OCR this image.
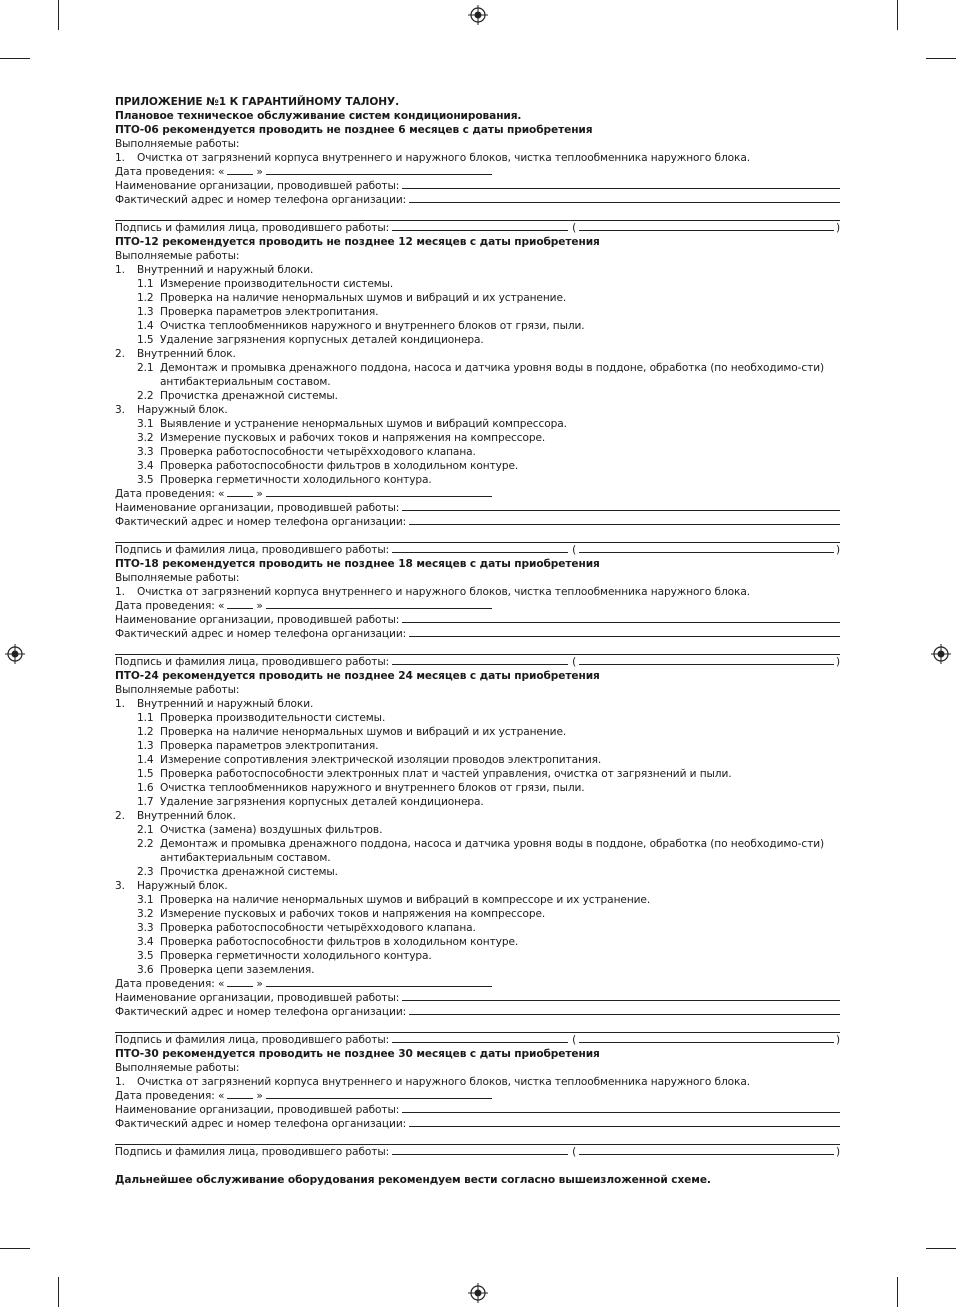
ПРИЛОЖЕНИЕ №1 К ГАРАНТИЙНОМУ ТАЛОНУ.
Плановое техническое обслуживание систем кондиционирования.
ПТО-06 рекомендуется проводить не позднее 6 месяцев с даты приобретения
Выполняемые работы:
1.	Очистка от загрязнений корпуса внутреннего и наружного блоков, чистка теплообменника наружного блока.
Дата проведения: «	»
Наименование организации, проводившей работы:
Фактический адрес и номер телефона организации:
Подпись и фамилия лица, проводившего работы:	(	)
ПТО-12 рекомендуется проводить не позднее 12 месяцев с даты приобретения
Выполняемые работы:
1.	Внутренний и наружный блоки.
1.1 Измерение производительности системы.
1.2 Проверка на наличие ненормальных шумов и вибраций и их устранение.
1.3 Проверка параметров электропитания.
1.4 Очистка теплообменников наружного и внутреннего блоков от грязи, пыли.
1.5 Удаление загрязнения корпусных деталей кондиционера.
2.	Внутренний блок.
2.1 Демонтаж и промывка дренажного поддона, насоса и датчика уровня воды в поддоне, обработка (по необходимо-сти) антибактериальным составом.
2.2 Прочистка дренажной системы.
3.	Наружный блок.
3.1 Выявление и устранение ненормальных шумов и вибраций компрессора.
3.2 Измерение пусковых и рабочих токов и напряжения на компрессоре.
3.3 Проверка работоспособности четырёхходового клапана.
3.4 Проверка работоспособности фильтров в холодильном контуре.
3.5 Проверка герметичности холодильного контура.
Дата проведения: «	»
Наименование организации, проводившей работы:
Фактический адрес и номер телефона организации:
Подпись и фамилия лица, проводившего работы:	(	)
ПТО-18 рекомендуется проводить не позднее 18 месяцев с даты приобретения
Выполняемые работы:
1.	Очистка от загрязнений корпуса внутреннего и наружного блоков, чистка теплообменника наружного блока.
Дата проведения: «	»
Наименование организации, проводившей работы:
Фактический адрес и номер телефона организации:
Подпись и фамилия лица, проводившего работы:	(	)
ПТО-24 рекомендуется проводить не позднее 24 месяцев с даты приобретения
Выполняемые работы:
1.	Внутренний и наружный блоки.
1.1 Проверка производительности системы.
1.2 Проверка на наличие ненормальных шумов и вибраций и их устранение.
1.3 Проверка параметров электропитания.
1.4 Измерение сопротивления электрической изоляции проводов электропитания.
1.5 Проверка работоспособности электронных плат и частей управления, очистка от загрязнений и пыли.
1.6 Очистка теплообменников наружного и внутреннего блоков от грязи, пыли.
1.7 Удаление загрязнения корпусных деталей кондиционера.
2.	Внутренний блок.
2.1 Очистка (замена) воздушных фильтров.
2.2 Демонтаж и промывка дренажного поддона, насоса и датчика уровня воды в поддоне, обработка (по необходимо-сти) антибактериальным составом.
2.3 Прочистка дренажной системы.
3.	Наружный блок.
3.1 Проверка на наличие ненормальных шумов и вибраций в компрессоре и их устранение.
3.2 Измерение пусковых и рабочих токов и напряжения на компрессоре.
3.3 Проверка работоспособности четырёхходового клапана.
3.4 Проверка работоспособности фильтров в холодильном контуре.
3.5 Проверка герметичности холодильного контура.
3.6 Проверка цепи заземления.
Дата проведения: «	»
Наименование организации, проводившей работы:
Фактический адрес и номер телефона организации:
Подпись и фамилия лица, проводившего работы:	(	)
ПТО-30 рекомендуется проводить не позднее 30 месяцев с даты приобретения
Выполняемые работы:
1.	Очистка от загрязнений корпуса внутреннего и наружного блоков, чистка теплообменника наружного блока.
Дата проведения: «	»
Наименование организации, проводившей работы:
Фактический адрес и номер телефона организации:
Подпись и фамилия лица, проводившего работы:	(	)
Дальнейшее обслуживание оборудования рекомендуем вести согласно вышеизложенной схеме.
